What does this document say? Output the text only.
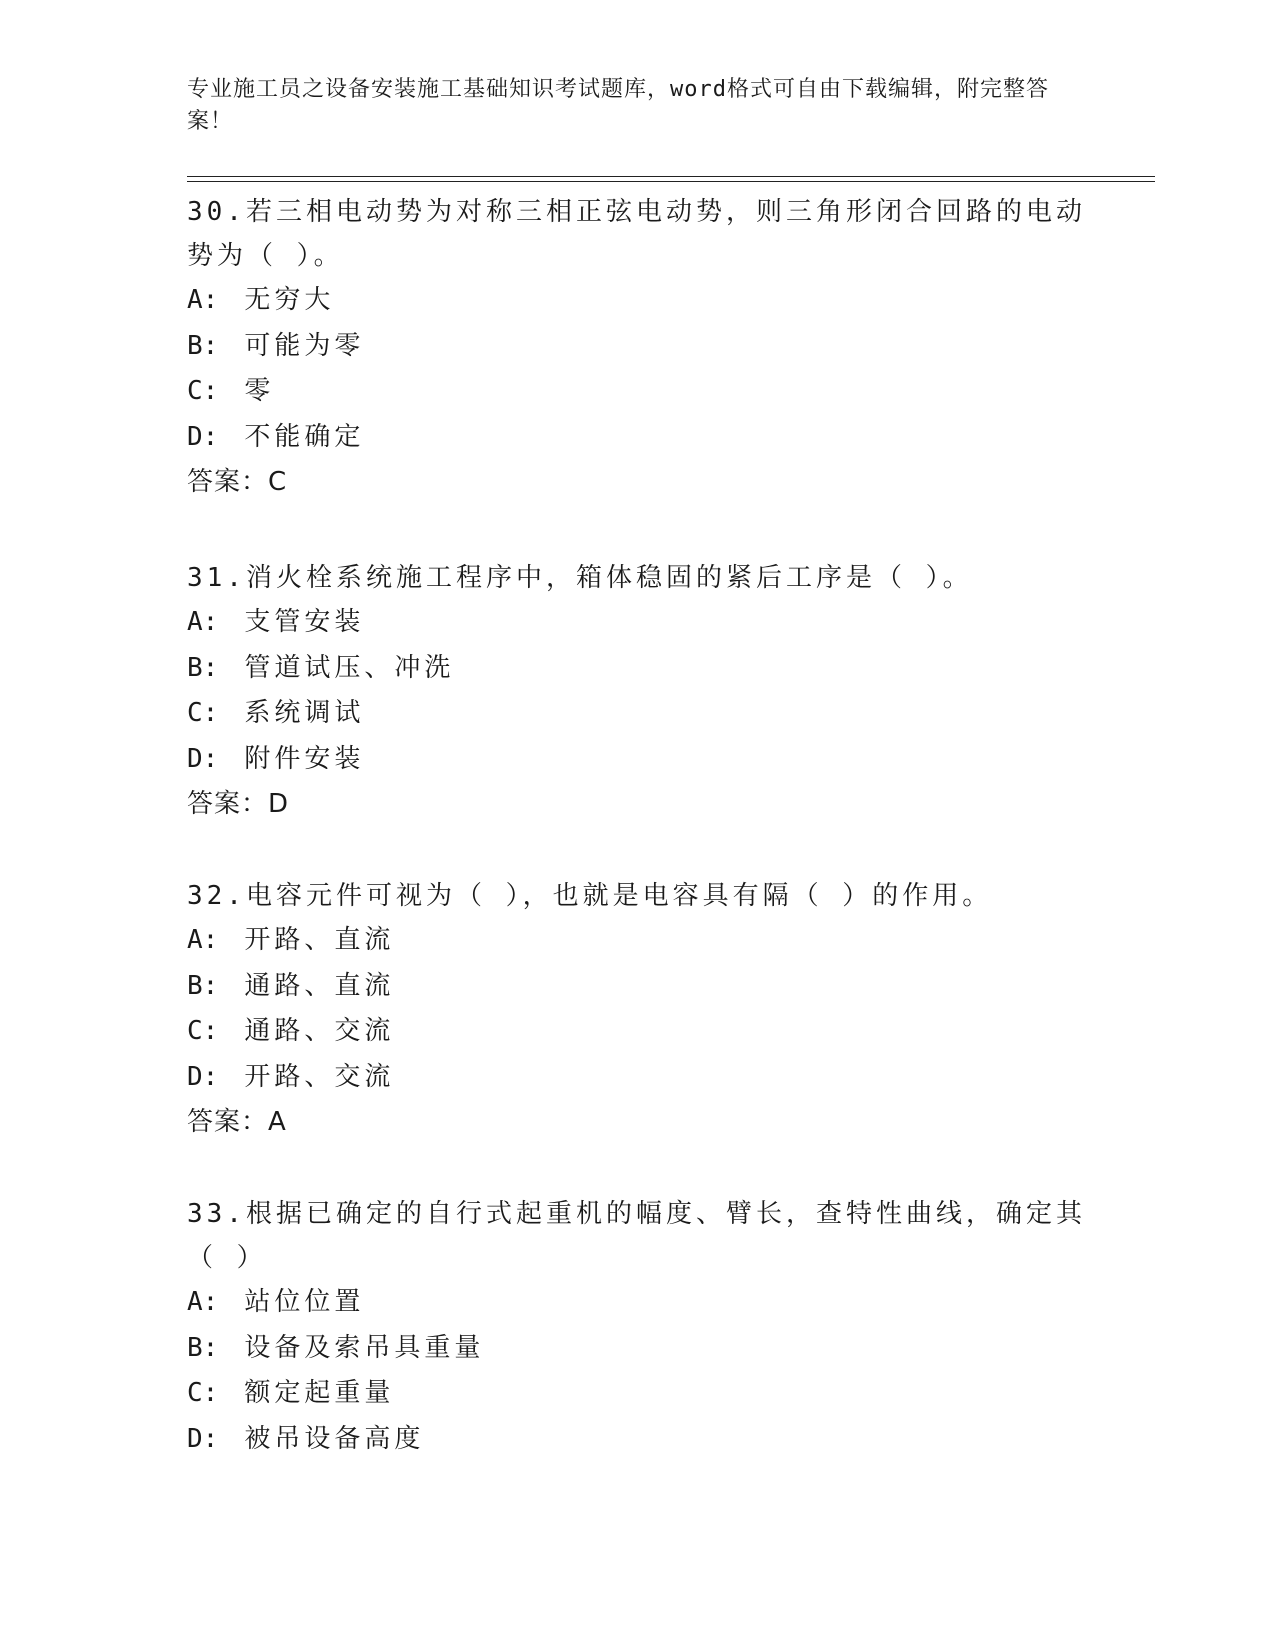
专业施工员之设备安装施工基础知识考试题库，word格式可自由下载编辑，附完整答案！

30.若三相电动势为对称三相正弦电动势，则三角形闭合回路的电动势为（ ）。

A: 无穷大

B: 可能为零

C: 零

D: 不能确定

答案：C

31.消火栓系统施工程序中，箱体稳固的紧后工序是（ ）。

A: 支管安装

B: 管道试压、冲洗

C: 系统调试

D: 附件安装

答案：D

32.电容元件可视为（ ），也就是电容具有隔（ ）的作用。

A: 开路、直流

B: 通路、直流

C: 通路、交流

D: 开路、交流

答案：A

33.根据已确定的自行式起重机的幅度、臂长，查特性曲线，确定其（ ）

A: 站位位置

B: 设备及索吊具重量

C: 额定起重量

D: 被吊设备高度
